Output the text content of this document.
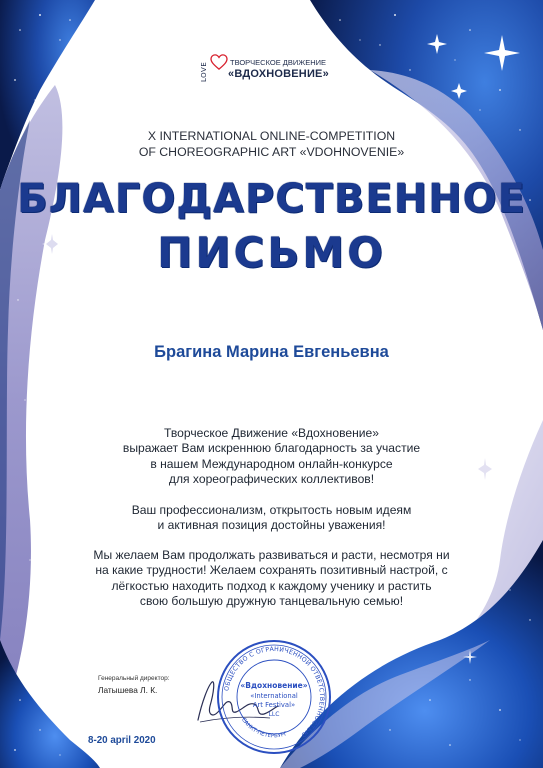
LOVE	ТВОРЧЕСКОЕ ДВИЖЕНИЕ
«ВДОХНОВЕНИЕ»
X INTERNATIONAL ONLINE-COMPETITION
OF CHOREOGRAPHIC ART «VDOHNOVENIE»
БЛАГОДАРСТВЕННОЕ
ПИСЬМО
Брагина Марина Евгеньевна
Творческое Движение «Вдохновение»
выражает Вам искреннюю благодарность за участие
в нашем Международном онлайн-конкурсе
для хореографических коллективов!
Ваш профессионализм, открытость новым идеям
и активная позиция достойны уважения!
Мы желаем Вам продолжать развиваться и расти, несмотря ни
на какие трудности! Желаем сохранять позитивный настрой, с
лёгкостью находить подход к каждому ученику и растить
свою большую дружную танцевальную семью!
Генеральный директор:
Латышева Л. К.	ОБЩЕСТВО С ОГРАНИЧЕННОЙ ОТВЕТСТВЕННОСТЬЮ
«Вдохновение»
«International
Art Festival»
LLC
САНКТ-ПЕТЕРБУРГ
8-20 april 2020
